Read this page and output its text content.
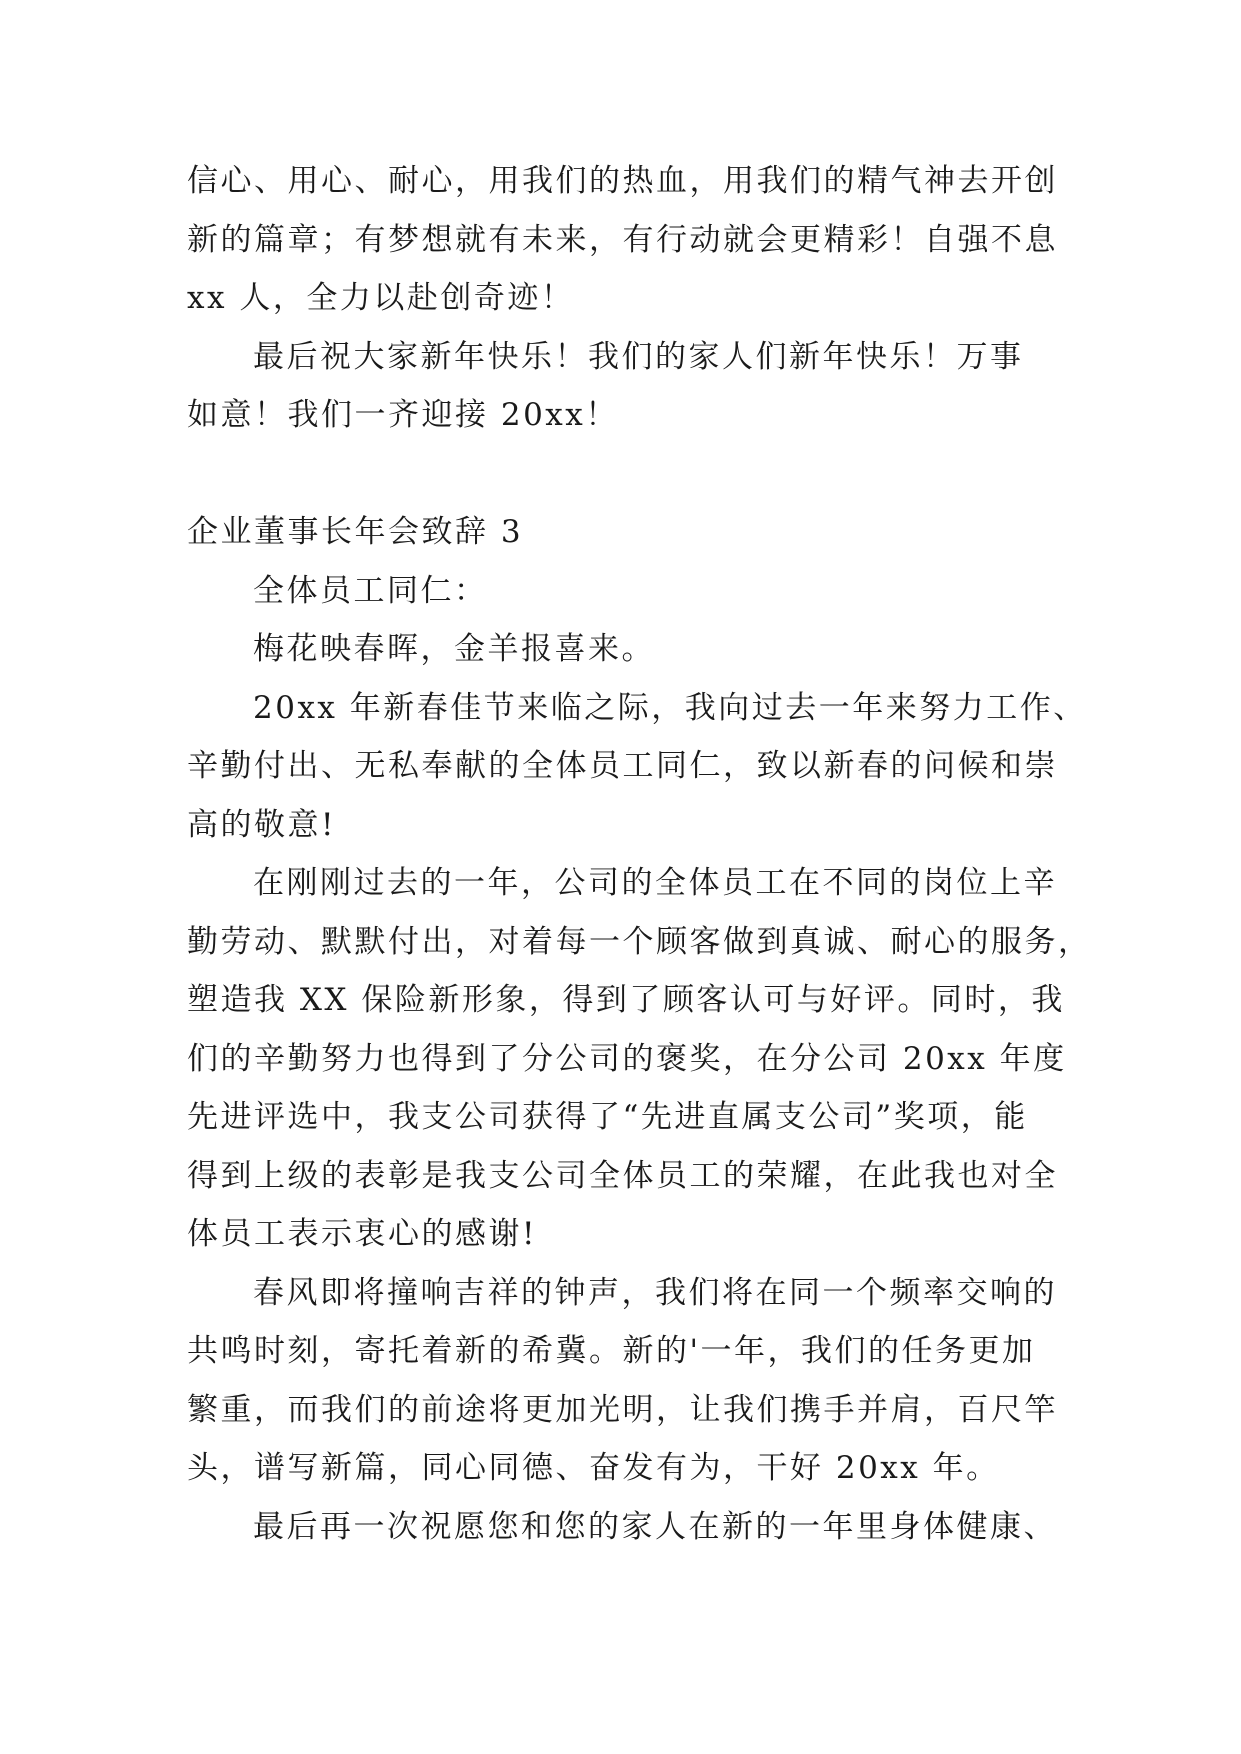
信心、用心、耐心，用我们的热血，用我们的精气神去开创
新的篇章；有梦想就有未来，有行动就会更精彩！自强不息
xx 人，全力以赴创奇迹！
最后祝大家新年快乐！我们的家人们新年快乐！万事
如意！我们一齐迎接 20xx！
企业董事长年会致辞 3
全体员工同仁：
梅花映春晖，金羊报喜来。
20xx 年新春佳节来临之际，我向过去一年来努力工作、
辛勤付出、无私奉献的全体员工同仁，致以新春的问候和崇
高的敬意!
在刚刚过去的一年，公司的全体员工在不同的岗位上辛
勤劳动、默默付出，对着每一个顾客做到真诚、耐心的服务，
塑造我 XX 保险新形象，得到了顾客认可与好评。同时，我
们的辛勤努力也得到了分公司的褒奖，在分公司 20xx 年度
先进评选中，我支公司获得了“先进直属支公司”奖项，能
得到上级的表彰是我支公司全体员工的荣耀，在此我也对全
体员工表示衷心的感谢!
春风即将撞响吉祥的钟声，我们将在同一个频率交响的
共鸣时刻，寄托着新的希冀。新的'一年，我们的任务更加
繁重，而我们的前途将更加光明，让我们携手并肩，百尺竿
头，谱写新篇，同心同德、奋发有为，干好 20xx 年。
最后再一次祝愿您和您的家人在新的一年里身体健康、
